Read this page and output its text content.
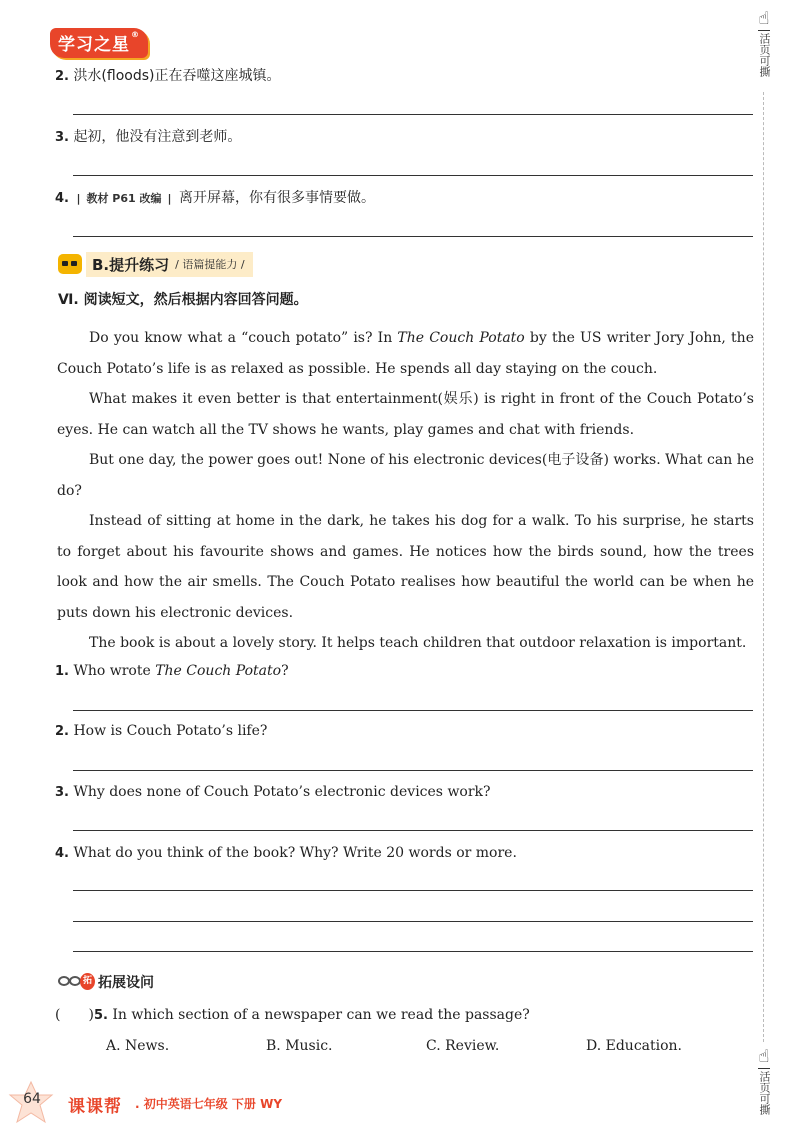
学习之星®
☝
活页可撕
☝
活页可撕
2. 洪水(floods)正在吞噬这座城镇。
3. 起初，他没有注意到老师。
4. | 教材 P61 改编 | 离开屏幕，你有很多事情要做。
B.提升练习 / 语篇提能力 /
Ⅵ. 阅读短文，然后根据内容回答问题。

Do you know what a “couch potato” is? In The Couch Potato by the US writer Jory John, the Couch Potato’s life is as relaxed as possible. He spends all day staying on the couch.

What makes it even better is that entertainment(娱乐) is right in front of the Couch Potato’s eyes. He can watch all the TV shows he wants, play games and chat with friends.

But one day, the power goes out! None of his electronic devices(电子设备) works. What can he do?

Instead of sitting at home in the dark, he takes his dog for a walk. To his surprise, he starts to forget about his favourite shows and games. He notices how the birds sound, how the trees look and how the air smells. The Couch Potato realises how beautiful the world can be when he puts down his electronic devices.

The book is about a lovely story. It helps teach children that outdoor relaxation is important.

1. Who wrote The Couch Potato?
2. How is Couch Potato’s life?
3. Why does none of Couch Potato’s electronic devices work?
4. What do you think of the book? Why? Write 20 words or more.
拓 拓展设问
(　　)5. In which section of a newspaper can we read the passage?
A. News.	B. Music.	C. Review.	D. Education.
64	课课帮 . 初中英语七年级 下册 WY
